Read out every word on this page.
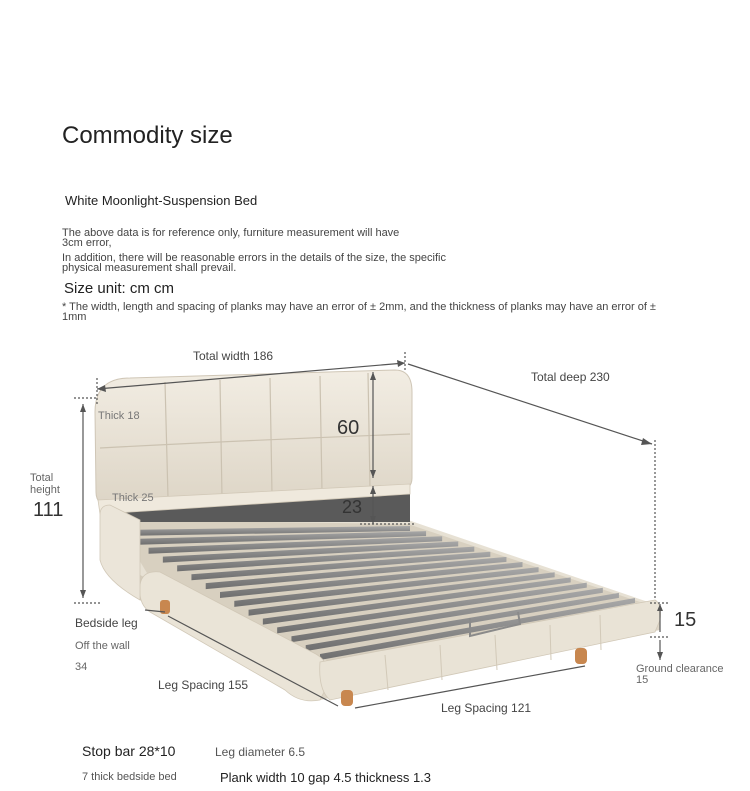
Commodity size
White Moonlight-Suspension Bed
The above data is for reference only, furniture measurement will have 3cm error,
In addition, there will be reasonable errors in the details of the size, the specific physical measurement shall prevail.
Size unit: cm cm
* The width, length and spacing of planks may have an error of ± 2mm, and the thickness of planks may have an error of ± 1mm
Total width 186
Total deep 230
Thick 18
60
Total height
111
Thick 25	23
Bedside leg
Off the wall
34
15
Ground clearance 15
Leg Spacing 155
Leg Spacing 121
Stop bar 28*10	Leg diameter 6.5
7 thick bedside bed	Plank width 10 gap 4.5 thickness 1.3
